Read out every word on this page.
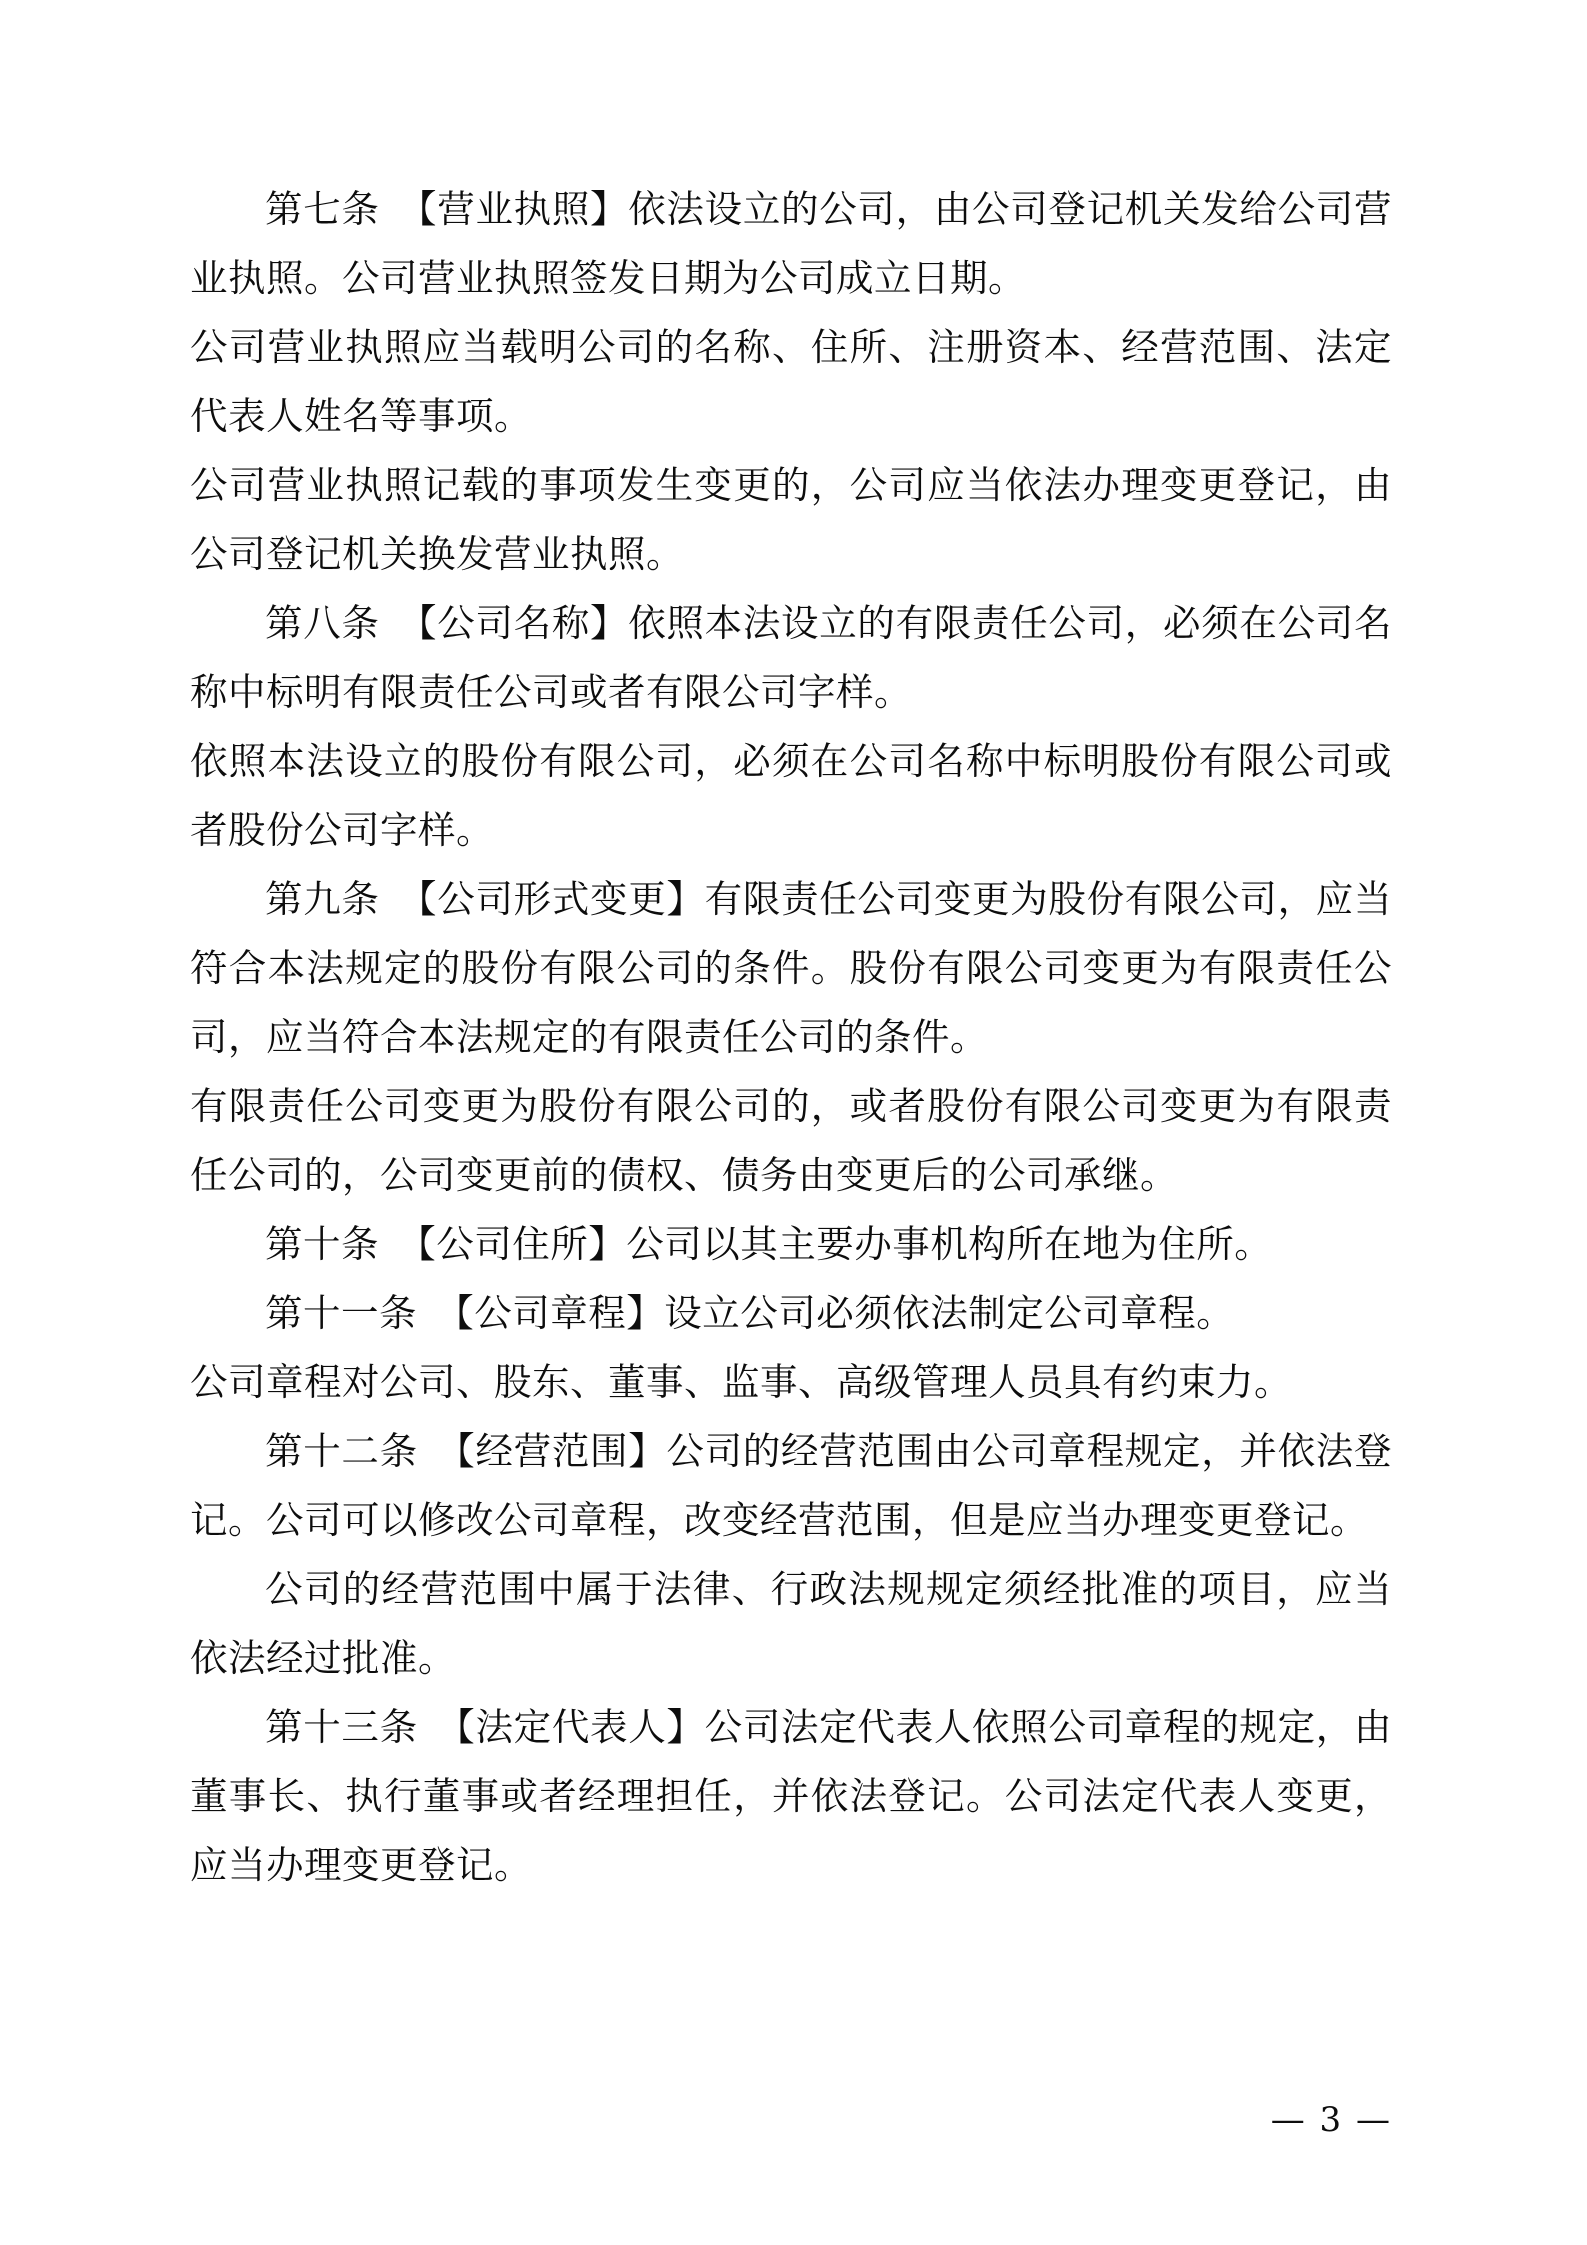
第七条　【营业执照】依法设立的公司，由公司登记机关发给公司营业执照。公司营业执照签发日期为公司成立日期。

公司营业执照应当载明公司的名称、住所、注册资本、经营范围、法定代表人姓名等事项。

公司营业执照记载的事项发生变更的，公司应当依法办理变更登记，由公司登记机关换发营业执照。

第八条　【公司名称】依照本法设立的有限责任公司，必须在公司名称中标明有限责任公司或者有限公司字样。

依照本法设立的股份有限公司，必须在公司名称中标明股份有限公司或者股份公司字样。

第九条　【公司形式变更】有限责任公司变更为股份有限公司，应当符合本法规定的股份有限公司的条件。股份有限公司变更为有限责任公司，应当符合本法规定的有限责任公司的条件。

有限责任公司变更为股份有限公司的，或者股份有限公司变更为有限责任公司的，公司变更前的债权、债务由变更后的公司承继。

第十条　【公司住所】公司以其主要办事机构所在地为住所。

第十一条　【公司章程】设立公司必须依法制定公司章程。

公司章程对公司、股东、董事、监事、高级管理人员具有约束力。

第十二条　【经营范围】公司的经营范围由公司章程规定，并依法登记。公司可以修改公司章程，改变经营范围，但是应当办理变更登记。

公司的经营范围中属于法律、行政法规规定须经批准的项目，应当依法经过批准。

第十三条　【法定代表人】公司法定代表人依照公司章程的规定，由董事长、执行董事或者经理担任，并依法登记。公司法定代表人变更，应当办理变更登记。

— 3 —
